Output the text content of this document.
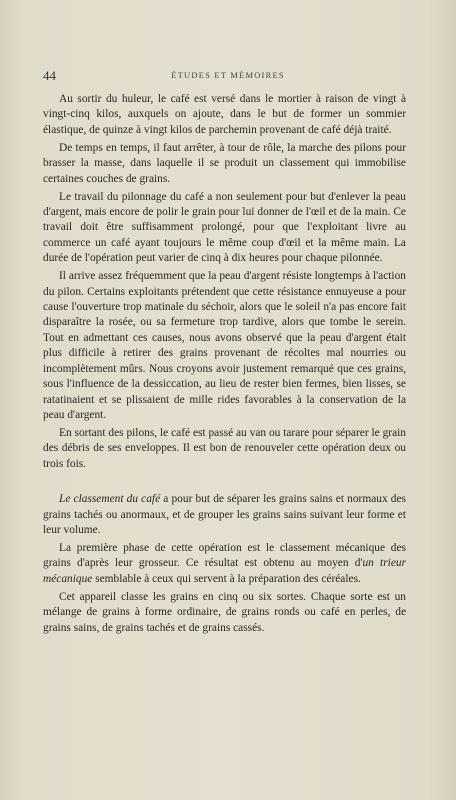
44	ÉTUDES ET MÉMOIRES

Au sortir du huleur, le café est versé dans le mortier à raison de vingt à vingt-cinq kilos, auxquels on ajoute, dans le but de former un sommier élastique, de quinze à vingt kilos de parchemin provenant de café déjà traité.

De temps en temps, il faut arrêter, à tour de rôle, la marche des pilons pour brasser la masse, dans laquelle il se produit un classement qui immobilise certaines couches de grains.

Le travail du pilonnage du café a non seulement pour but d'enlever la peau d'argent, mais encore de polir le grain pour lui donner de l'œil et de la main. Ce travail doit être suffisamment prolongé, pour que l'exploitant livre au commerce un café ayant toujours le même coup d'œil et la même main. La durée de l'opération peut varier de cinq à dix heures pour chaque pilonnée.

Il arrive assez fréquemment que la peau d'argent résiste longtemps à l'action du pilon. Certains exploitants prétendent que cette résistance ennuyeuse a pour cause l'ouverture trop matinale du séchoir, alors que le soleil n'a pas encore fait disparaître la rosée, ou sa fermeture trop tardive, alors que tombe le serein. Tout en admettant ces causes, nous avons observé que la peau d'argent était plus difficile à retirer des grains provenant de récoltes mal nourries ou incomplètement mûrs. Nous croyons avoir justement remarqué que ces grains, sous l'influence de la dessiccation, au lieu de rester bien fermes, bien lisses, se ratatinaient et se plissaient de mille rides favorables à la conservation de la peau d'argent.

En sortant des pilons, le café est passé au van ou tarare pour séparer le grain des débris de ses enveloppes. Il est bon de renouveler cette opération deux ou trois fois.

Le classement du café a pour but de séparer les grains sains et normaux des grains tachés ou anormaux, et de grouper les grains sains suivant leur forme et leur volume.

La première phase de cette opération est le classement mécanique des grains d'après leur grosseur. Ce résultat est obtenu au moyen d'un trieur mécanique semblable à ceux qui servent à la préparation des céréales.

Cet appareil classe les grains en cinq ou six sortes. Chaque sorte est un mélange de grains à forme ordinaire, de grains ronds ou café en perles, de grains sains, de grains tachés et de grains cassés.
